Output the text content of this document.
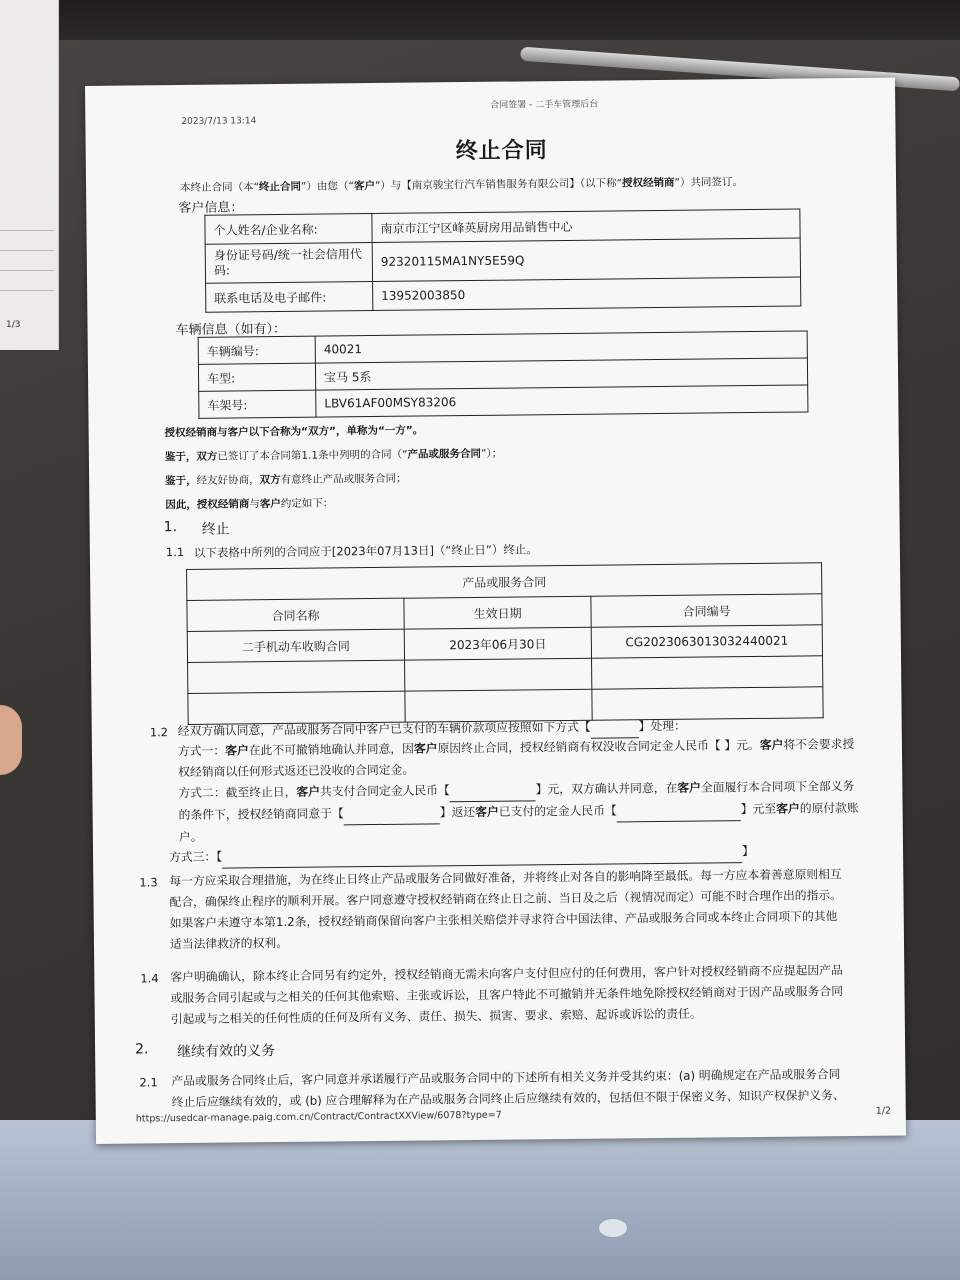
1/3
2023/7/13 13:14
合同签署 - 二手车管理后台
终止合同
本终止合同（本“终止合同”）由您（“客户”）与【南京骏宝行汽车销售服务有限公司】（以下称“授权经销商”）共同签订。
客户信息：
个人姓名/企业名称:	南京市江宁区峰英厨房用品销售中心
身份证号码/统一社会信用代码:	92320115MA1NY5E59Q
联系电话及电子邮件:	13952003850
车辆信息（如有）：
车辆编号:	40021
车型:	宝马 5系
车架号:	LBV61AF00MSY83206
授权经销商与客户以下合称为“双方”，单称为“一方”。
鉴于，双方已签订了本合同第1.1条中列明的合同（“产品或服务合同”）；
鉴于，经友好协商，双方有意终止产品或服务合同；
因此，授权经销商与客户约定如下：
1. 终止
1.1 以下表格中所列的合同应于[2023年07月13日]（“终止日”）终止。
产品或服务合同		
合同名称	生效日期	合同编号
二手机动车收购合同	2023年06月30日	CG2023063013032440021

1.2 经双方确认同意，产品或服务合同中客户已支付的车辆价款项应按照如下方式【	】处理：
方式一：客户在此不可撤销地确认并同意，因客户原因终止合同，授权经销商有权没收合同定金人民币【 】元。客户将不会要求授
权经销商以任何形式返还已没收的合同定金。
方式二：截至终止日，客户共支付合同定金人民币【	】元，双方确认并同意，在客户全面履行本合同项下全部义务
的条件下，授权经销商同意于【	】返还客户已支付的定金人民币【	】元至客户的原付款账
户。
方式三：【	】
1.3 每一方应采取合理措施，为在终止日终止产品或服务合同做好准备，并将终止对各自的影响降至最低。每一方应本着善意原则相互
配合，确保终止程序的顺利开展。客户同意遵守授权经销商在终止日之前、当日及之后（视情况而定）可能不时合理作出的指示。
如果客户未遵守本第1.2条，授权经销商保留向客户主张相关赔偿并寻求符合中国法律、产品或服务合同或本终止合同项下的其他
适当法律救济的权利。
1.4 客户明确确认，除本终止合同另有约定外，授权经销商无需未向客户支付但应付的任何费用，客户针对授权经销商不应提起因产品
或服务合同引起或与之相关的任何其他索赔、主张或诉讼，且客户特此不可撤销并无条件地免除授权经销商对于因产品或服务合同
引起或与之相关的任何性质的任何及所有义务、责任、损失、损害、要求、索赔、起诉或诉讼的责任。
2. 继续有效的义务
2.1 产品或服务合同终止后，客户同意并承诺履行产品或服务合同中的下述所有相关义务并受其约束：(a) 明确规定在产品或服务合同
终止后应继续有效的，或 (b) 应合理解释为在产品或服务合同终止后应继续有效的，包括但不限于保密义务、知识产权保护义务、
https://usedcar-manage.paig.com.cn/Contract/ContractXXView/6078?type=7	1/2
